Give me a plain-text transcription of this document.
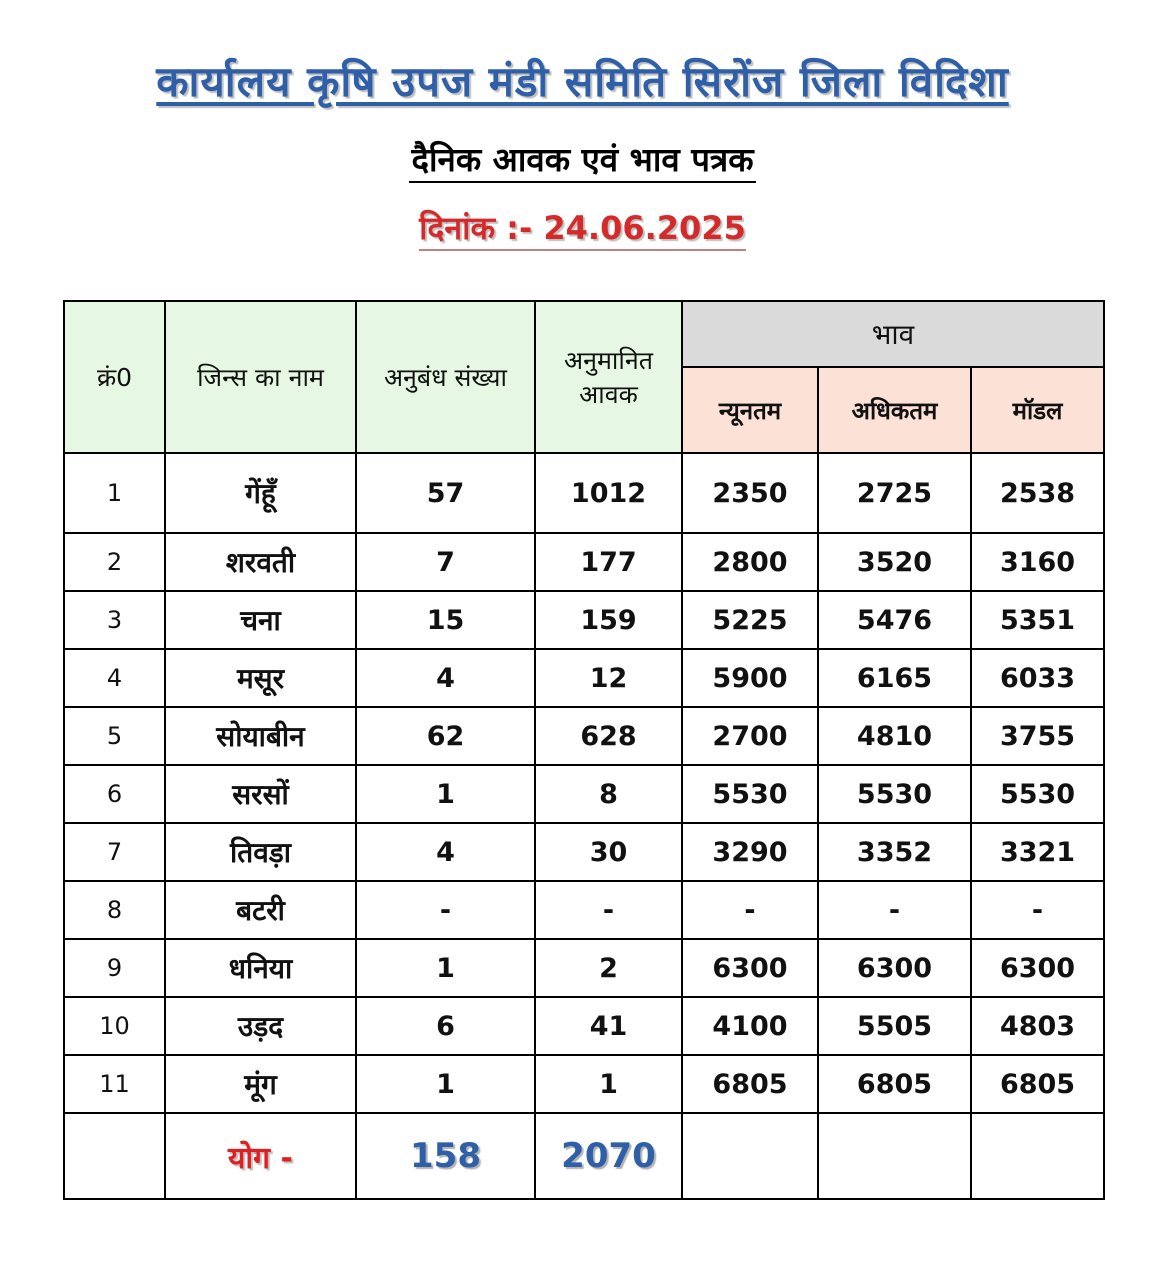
कार्यालय कृषि उपज मंडी समिति सिरोंज जिला विदिशा
दैनिक आवक एवं भाव पत्रक
दिनांक :- 24.06.2025
क्रं0	जिन्स का नाम	अनुबंध संख्या	अनुमानित आवक	भाव		
				न्यूनतम	अधिकतम	मॉडल
1	गेंहूँ	57	1012	2350	2725	2538
2	शरवती	7	177	2800	3520	3160
3	चना	15	159	5225	5476	5351
4	मसूर	4	12	5900	6165	6033
5	सोयाबीन	62	628	2700	4810	3755
6	सरसों	1	8	5530	5530	5530
7	तिवड़ा	4	30	3290	3352	3321
8	बटरी	-	-	-	-	-
9	धनिया	1	2	6300	6300	6300
10	उड़द	6	41	4100	5505	4803
11	मूंग	1	1	6805	6805	6805
	योग -	158	2070			
